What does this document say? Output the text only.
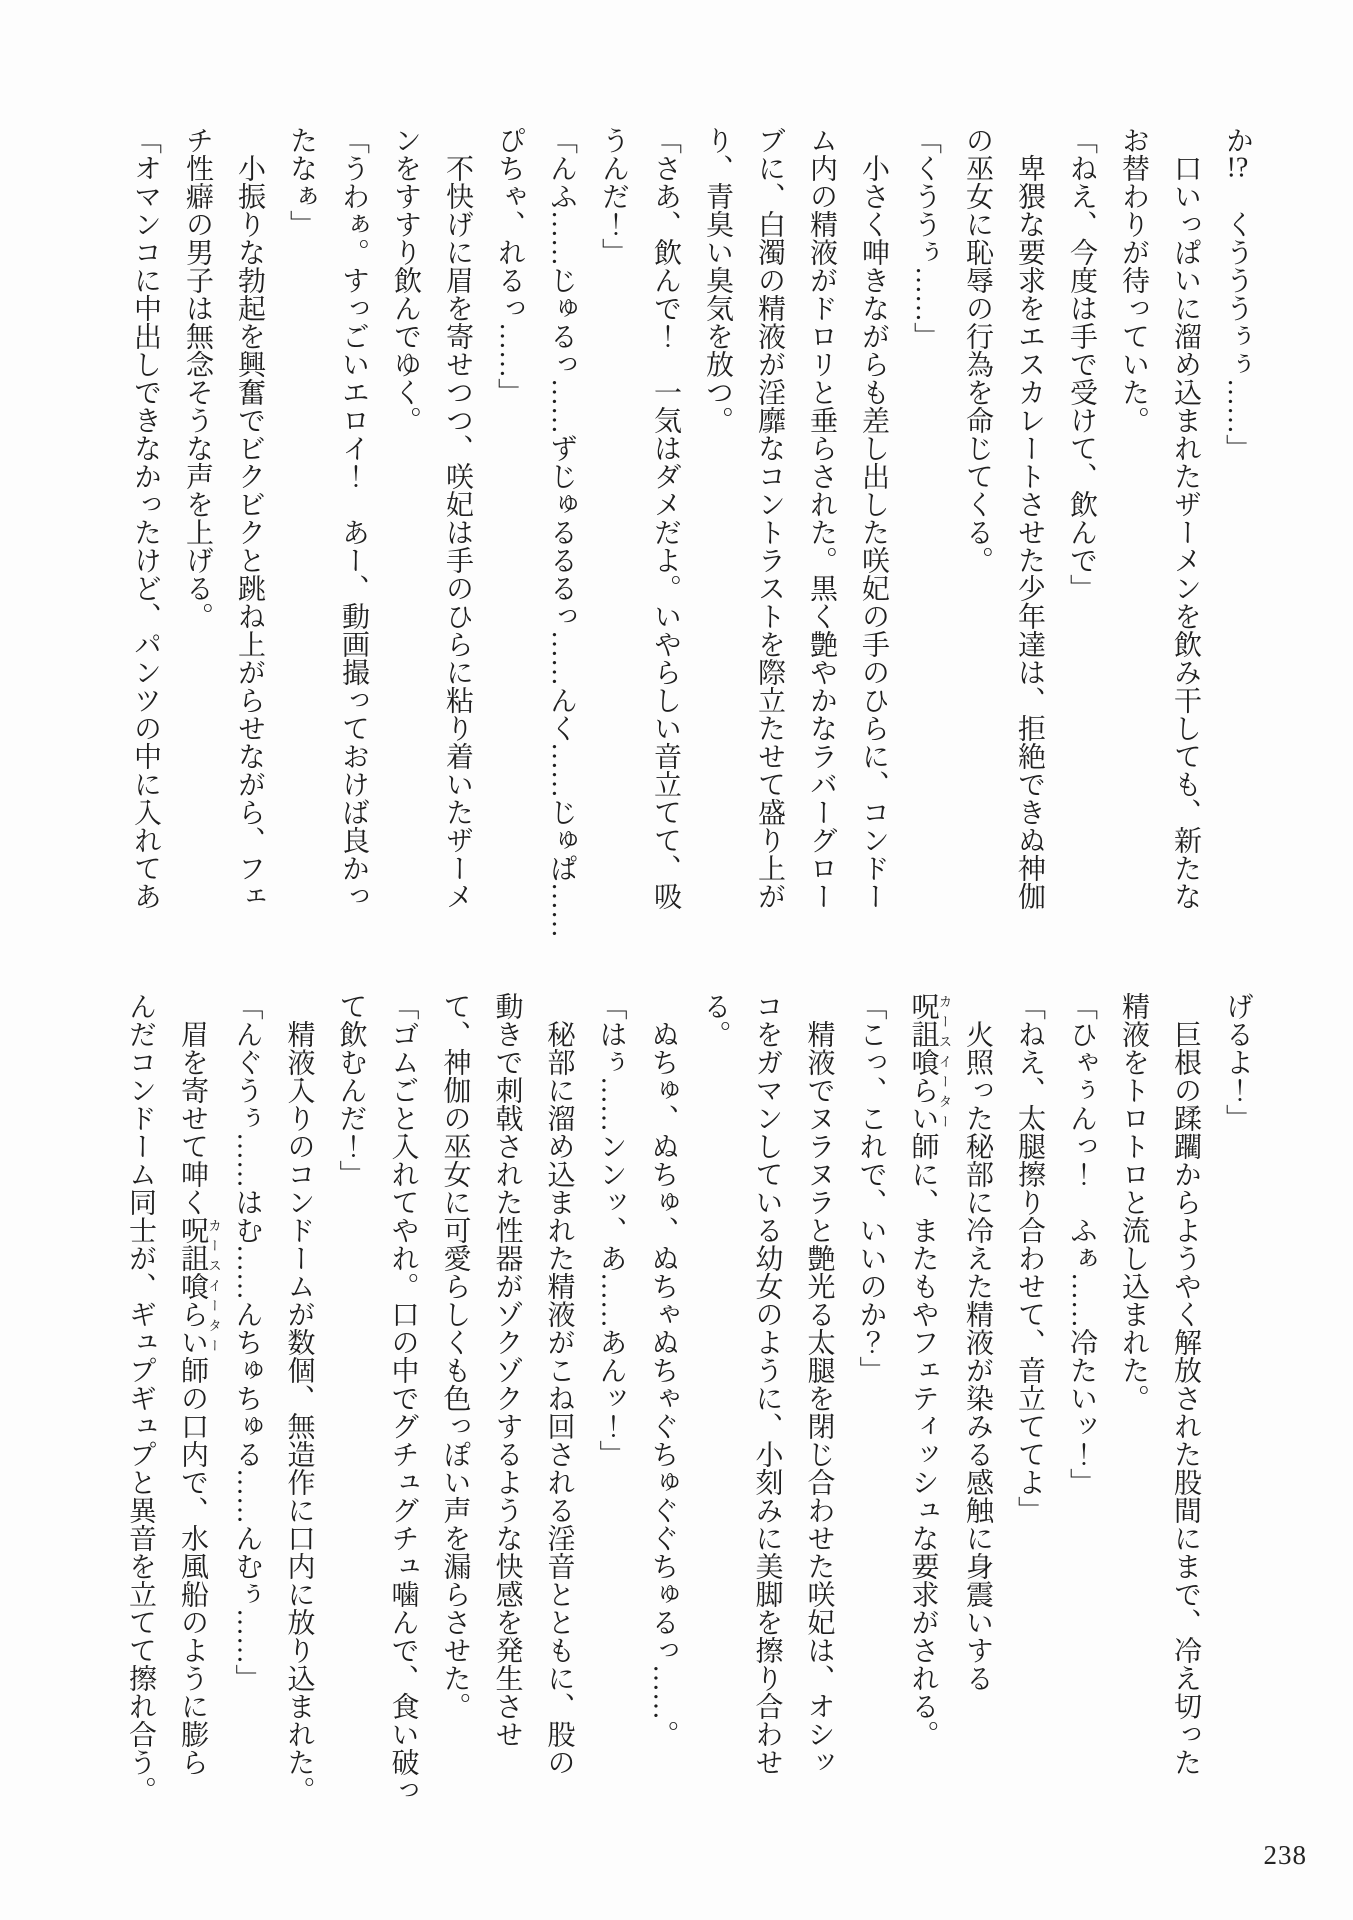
か!?　くうううぅぅ……」

　口いっぱいに溜め込まれたザーメンを飲み干しても、新たな

お替わりが待っていた。

「ねえ、今度は手で受けて、飲んで」

　卑猥な要求をエスカレートさせた少年達は、拒絶できぬ神伽

の巫女に恥辱の行為を命じてくる。

「くううぅ……」

　小さく呻きながらも差し出した咲妃の手のひらに、コンドー

ム内の精液がドロリと垂らされた。黒く艶やかなラバーグロー

ブに、白濁の精液が淫靡なコントラストを際立たせて盛り上が

り、青臭い臭気を放つ。

「さあ、飲んで！　一気はダメだよ。いやらしい音立てて、吸

うんだ！」

「んふ……じゅるっ……ずじゅるるるっ……んく……じゅぱ……

ぴちゃ、れるっ……」

　不快げに眉を寄せつつ、咲妃は手のひらに粘り着いたザーメ

ンをすすり飲んでゆく。

「うわぁ。すっごいエロイ！　あー、動画撮っておけば良かっ

たなぁ」

　小振りな勃起を興奮でビクビクと跳ね上がらせながら、フェ

チ性癖の男子は無念そうな声を上げる。

「オマンコに中出しできなかったけど、パンツの中に入れてあ

げるよ！」

　巨根の蹂躙からようやく解放された股間にまで、冷え切った

精液をトロトロと流し込まれた。

「ひゃぅんっ！　ふぁ……冷たいッ！」

「ねえ、太腿擦り合わせて、音立ててよ」

　火照った秘部に冷えた精液が染みる感触に身震いする

呪詛喰らいカースイーター師に、またもやフェティッシュな要求がされる。

「こっ、これで、いいのか？」

　精液でヌラヌラと艶光る太腿を閉じ合わせた咲妃は、オシッ

コをガマンしている幼女のように、小刻みに美脚を擦り合わせ

る。

　ぬちゅ、ぬちゅ、ぬちゃぬちゃぐちゅぐぐちゅるっ……。

「はぅ……ンンッ、あ……あんッ！」

　秘部に溜め込まれた精液がこね回される淫音とともに、股の

動きで刺戟された性器がゾクゾクするような快感を発生させ

て、神伽の巫女に可愛らしくも色っぽい声を漏らさせた。

「ゴムごと入れてやれ。口の中でグチュグチュ噛んで、食い破っ

て飲むんだ！」

　精液入りのコンドームが数個、無造作に口内に放り込まれた。

「んぐうぅ……はむ……んちゅちゅる……んむぅ……」

　眉を寄せて呻く呪詛喰らいカースイーター師の口内で、水風船のように膨ら

んだコンドーム同士が、ギュプギュプと異音を立てて擦れ合う。

238
